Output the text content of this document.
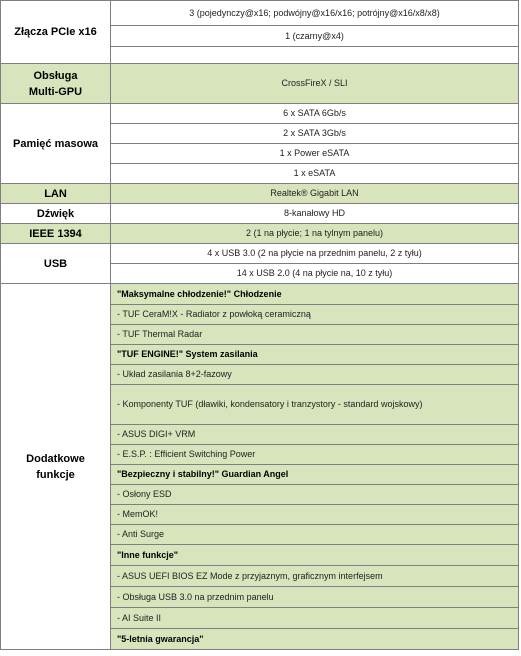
Złącza PCIe x16	3 (pojedynczy@x16; podwójny@x16/x16; potrójny@x16/x8/x8)
	1 (czarny@x4)

Obsługa
Multi-GPU	CrossFireX / SLI
Pamięć masowa	6 x SATA 6Gb/s
	2 x SATA 3Gb/s
	1 x Power eSATA
	1 x eSATA
LAN	Realtek® Gigabit LAN
Dźwięk	8-kanałowy HD
IEEE 1394	2 (1 na płycie; 1 na tylnym panelu)
USB	4 x USB 3.0 (2 na płycie na przednim panelu, 2 z tyłu)
	14 x USB 2.0 (4 na płycie na, 10 z tyłu)

Dodatkowe
funkcje	"Maksymalne chłodzenie!" Chłodzenie
	- TUF CeraM!X - Radiator z powłoką ceramiczną
	- TUF Thermal Radar
	"TUF ENGINE!" System zasilania
	- Układ zasilania 8+2-fazowy
	- Komponenty TUF (dławiki, kondensatory i tranzystory - standard wojskowy)
	- ASUS DIGI+ VRM
	- E.S.P. : Efficient Switching Power
	"Bezpieczny i stabilny!" Guardian Angel
	- Osłony ESD
	- MemOK!
	- Anti Surge
	"Inne funkcje"
	- ASUS UEFI BIOS EZ Mode z przyjaznym, graficznym interfejsem
	- Obsługa USB 3.0 na przednim panelu
	- AI Suite II
	"5-letnia gwarancja"
